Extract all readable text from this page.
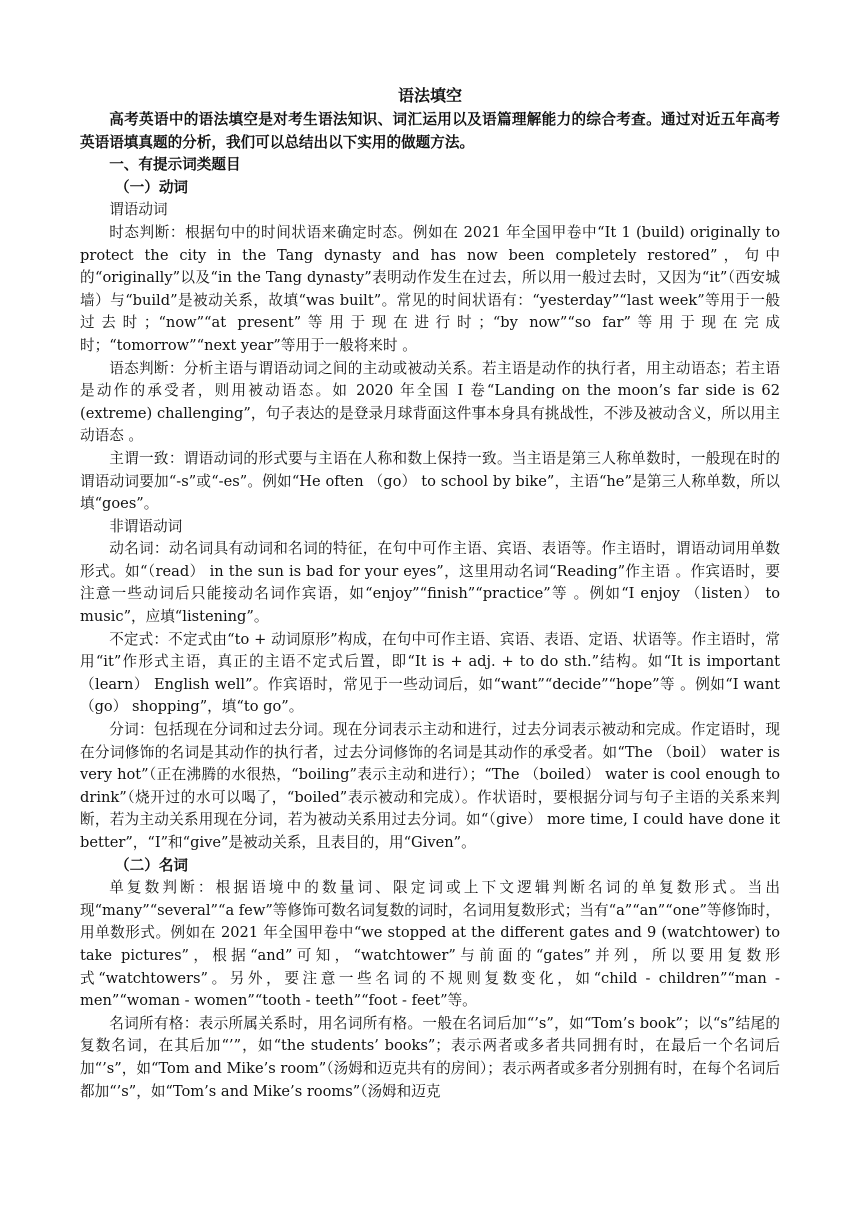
语法填空

高考英语中的语法填空是对考生语法知识、词汇运用以及语篇理解能力的综合考查。通过对近五年高考英语语填真题的分析，我们可以总结出以下实用的做题方法。

一、有提示词类题目

（一）动词

谓语动词

时态判断：根据句中的时间状语来确定时态。例如在 2021 年全国甲卷中“It 1 (build) originally to protect the city in the Tang dynasty and has now been completely restored”，句中的“originally”以及“in the Tang dynasty”表明动作发生在过去，所以用一般过去时，又因为“it”（西安城墙）与“build”是被动关系，故填“was built”。常见的时间状语有：“yesterday”“last week”等用于一般过去时；“now”“at present”等用于现在进行时；“by now”“so far”等用于现在完成时；“tomorrow”“next year”等用于一般将来时 。

语态判断：分析主语与谓语动词之间的主动或被动关系。若主语是动作的执行者，用主动语态；若主语是动作的承受者，则用被动语态。如 2020 年全国 I 卷“Landing on the moon’s far side is 62 (extreme) challenging”，句子表达的是登录月球背面这件事本身具有挑战性，不涉及被动含义，所以用主动语态 。

主谓一致：谓语动词的形式要与主语在人称和数上保持一致。当主语是第三人称单数时，一般现在时的谓语动词要加“-s”或“-es”。例如“He often （go） to school by bike”，主语“he”是第三人称单数，所以填“goes”。

非谓语动词

动名词：动名词具有动词和名词的特征，在句中可作主语、宾语、表语等。作主语时，谓语动词用单数形式。如“（read） in the sun is bad for your eyes”，这里用动名词“Reading”作主语 。作宾语时，要注意一些动词后只能接动名词作宾语，如“enjoy”“finish”“practice”等 。例如“I enjoy （listen） to music”，应填“listening”。

不定式：不定式由“to + 动词原形”构成，在句中可作主语、宾语、表语、定语、状语等。作主语时，常用“it”作形式主语，真正的主语不定式后置，即“It is + adj. + to do sth.”结构。如“It is important （learn） English well”。作宾语时，常见于一些动词后，如“want”“decide”“hope”等 。例如“I want （go） shopping”，填“to go”。

分词：包括现在分词和过去分词。现在分词表示主动和进行，过去分词表示被动和完成。作定语时，现在分词修饰的名词是其动作的执行者，过去分词修饰的名词是其动作的承受者。如“The （boil） water is very hot”（正在沸腾的水很热，“boiling”表示主动和进行）；“The （boiled） water is cool enough to drink”（烧开过的水可以喝了，“boiled”表示被动和完成）。作状语时，要根据分词与句子主语的关系来判断，若为主动关系用现在分词，若为被动关系用过去分词。如“（give） more time, I could have done it better”，“I”和“give”是被动关系，且表目的，用“Given”。

（二）名词

单复数判断：根据语境中的数量词、限定词或上下文逻辑判断名词的单复数形式。当出现“many”“several”“a few”等修饰可数名词复数的词时，名词用复数形式；当有“a”“an”“one”等修饰时，用单数形式。例如在 2021 年全国甲卷中“we stopped at the different gates and 9 (watchtower) to take pictures”，根据“and”可知，“watchtower”与前面的“gates”并列，所以要用复数形式“watchtowers”。另外，要注意一些名词的不规则复数变化，如“child - children”“man - men”“woman - women”“tooth - teeth”“foot - feet”等。

名词所有格：表示所属关系时，用名词所有格。一般在名词后加“’s”，如“Tom’s book”；以“s”结尾的复数名词，在其后加“’”，如“the students’ books”；表示两者或多者共同拥有时，在最后一个名词后加“’s”，如“Tom and Mike’s room”（汤姆和迈克共有的房间）；表示两者或多者分别拥有时，在每个名词后都加“’s”，如“Tom’s and Mike’s rooms”（汤姆和迈克
